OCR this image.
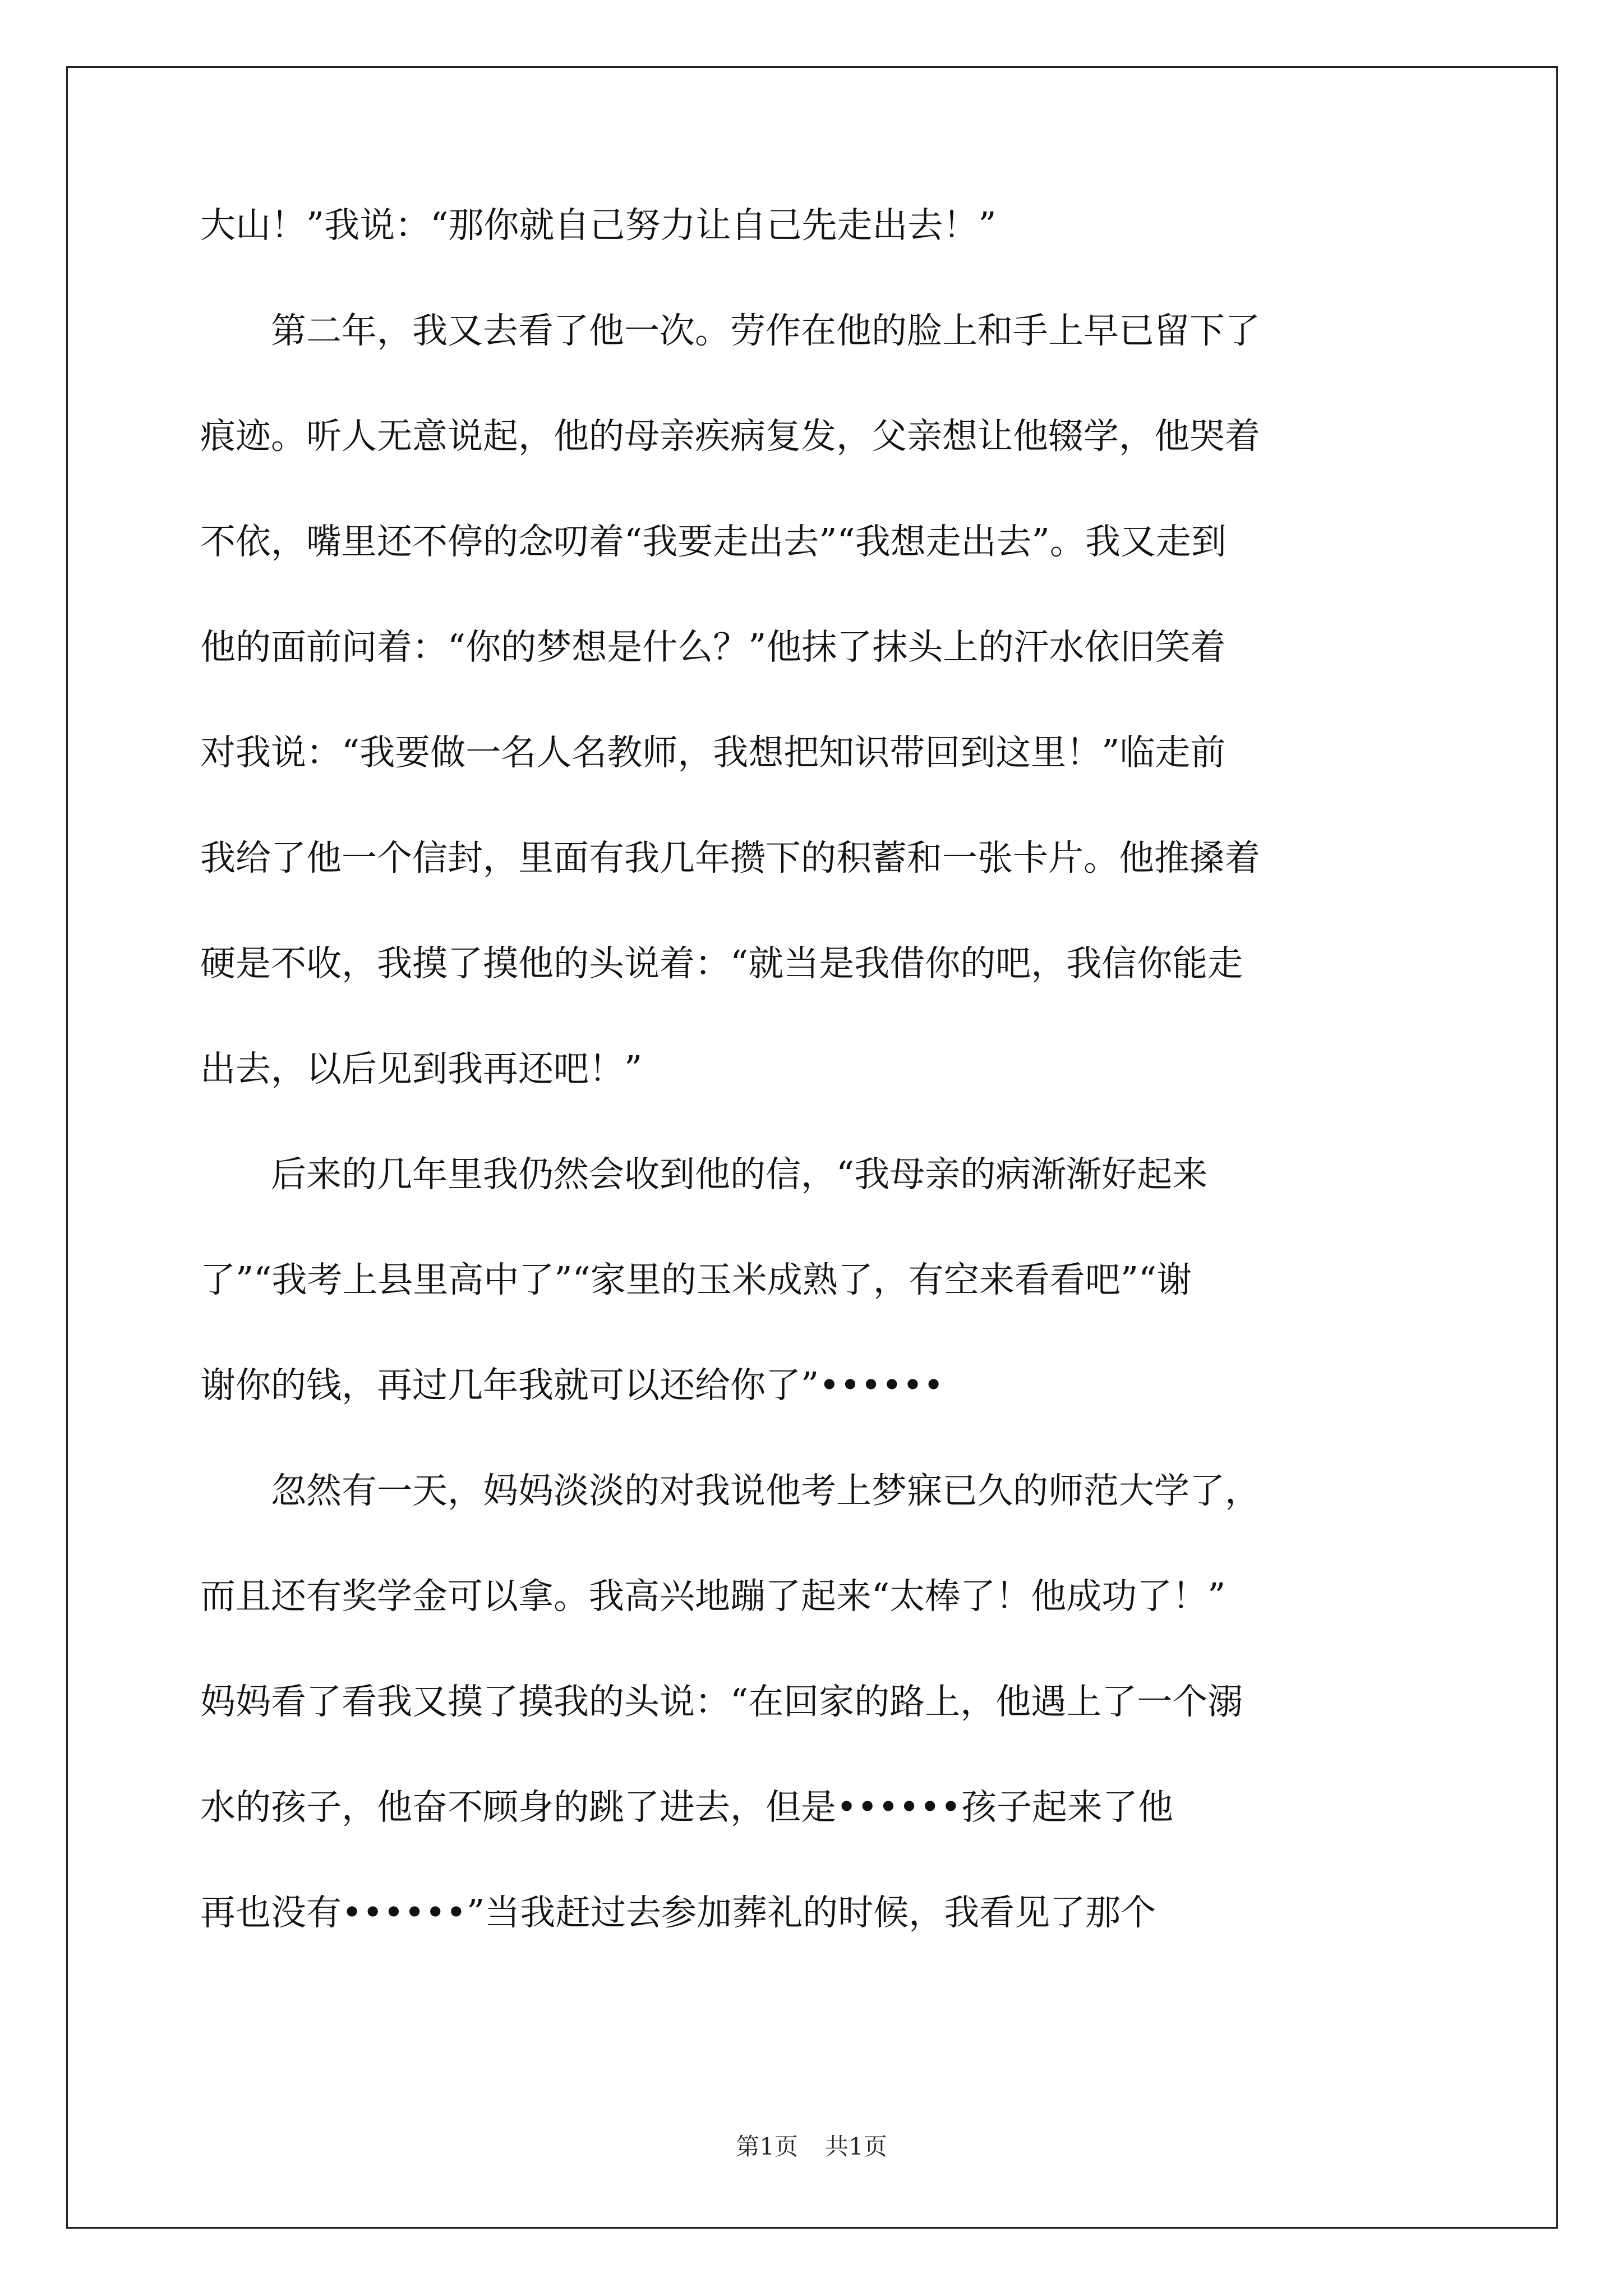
大山！”我说：“那你就自己努力让自己先走出去！”
　　第二年，我又去看了他一次。劳作在他的脸上和手上早已留下了
痕迹。听人无意说起，他的母亲疾病复发，父亲想让他辍学，他哭着
不依，嘴里还不停的念叨着“我要走出去”“我想走出去”。我又走到
他的面前问着：“你的梦想是什么？”他抹了抹头上的汗水依旧笑着
对我说：“我要做一名人名教师，我想把知识带回到这里！”临走前
我给了他一个信封，里面有我几年攒下的积蓄和一张卡片。他推搡着
硬是不收，我摸了摸他的头说着：“就当是我借你的吧，我信你能走
出去，以后见到我再还吧！”
　　后来的几年里我仍然会收到他的信，“我母亲的病渐渐好起来
了”“我考上县里高中了”“家里的玉米成熟了，有空来看看吧”“谢
谢你的钱，再过几年我就可以还给你了”••••••
　　忽然有一天，妈妈淡淡的对我说他考上梦寐已久的师范大学了，
而且还有奖学金可以拿。我高兴地蹦了起来“太棒了！他成功了！”
妈妈看了看我又摸了摸我的头说：“在回家的路上，他遇上了一个溺
水的孩子，他奋不顾身的跳了进去，但是••••••孩子起来了他
再也没有••••••”当我赶过去参加葬礼的时候，我看见了那个
第1页 共1页
